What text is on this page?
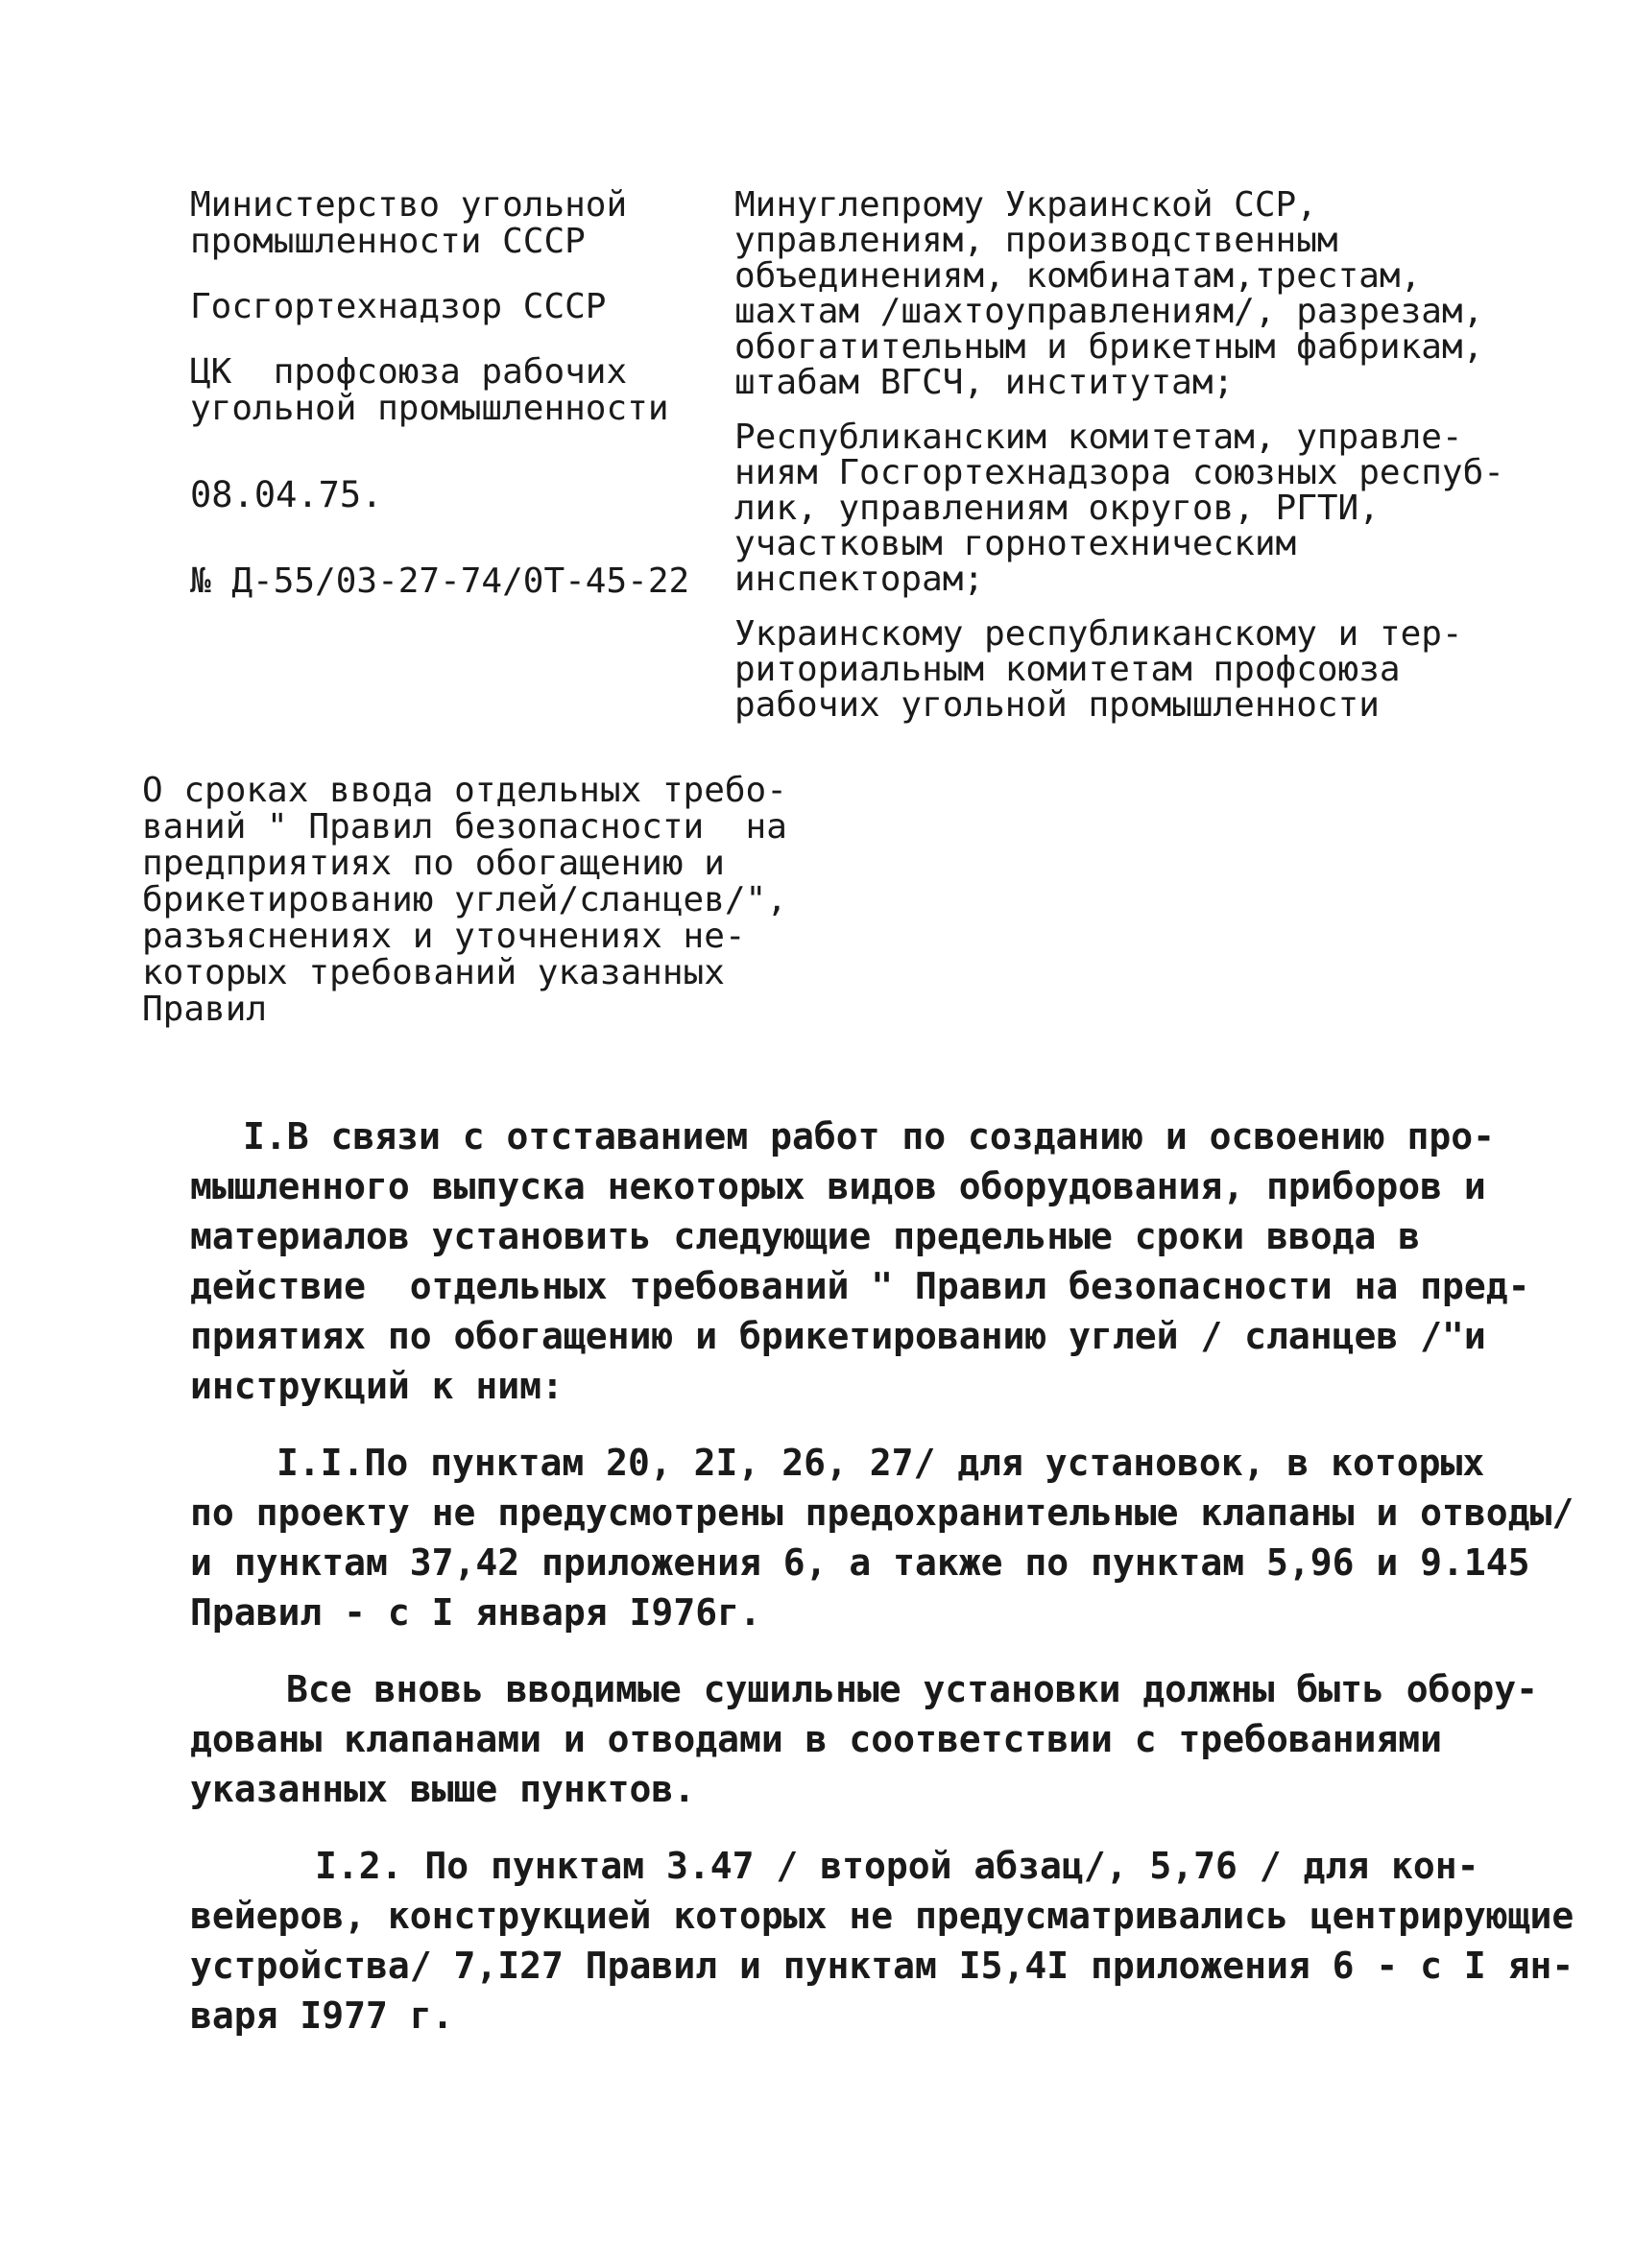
Министерство угольной
промышленности СССР
Госгортехнадзор СССР
ЦК  профсоюза рабочих
угольной промышленности
08.04.75.
№ Д-55/03-27-74/0Т-45-22
Минуглепрому Украинской ССР,
управлениям, производственным
объединениям, комбинатам,трестам,
шахтам /шахтоуправлениям/, разрезам,
обогатительным и брикетным фабрикам,
штабам ВГСЧ, институтам;
Республиканским комитетам, управле-
ниям Госгортехнадзора союзных респуб-
лик, управлениям округов, РГТИ,
участковым горнотехническим
инспекторам;
Украинскому республиканскому и тер-
риториальным комитетам профсоюза
рабочих угольной промышленности
О сроках ввода отдельных требо-
ваний " Правил безопасности  на
предприятиях по обогащению и
брикетированию углей/сланцев/",
разъяснениях и уточнениях не-
которых требований указанных
Правил
I.В связи с отставанием работ по созданию и освоению про-
мышленного выпуска некоторых видов оборудования, приборов и
материалов установить следующие предельные сроки ввода в
действие  отдельных требований " Правил безопасности на пред-
приятиях по обогащению и брикетированию углей / сланцев /"и
инструкций к ним:
I.I.По пунктам 20, 2I, 26, 27/ для установок, в которых
по проекту не предусмотрены предохранительные клапаны и отводы/
и пунктам 37,42 приложения 6, а также по пунктам 5,96 и 9.145
Правил - с I января I976г.
Все вновь вводимые сушильные установки должны быть обору-
дованы клапанами и отводами в соответствии с требованиями
указанных выше пунктов.
I.2. По пунктам 3.47 / второй абзац/, 5,76 / для кон-
вейеров, конструкцией которых не предусматривались центрирующие
устройства/ 7,I27 Правил и пунктам I5,4I приложения 6 - с I ян-
варя I977 г.
